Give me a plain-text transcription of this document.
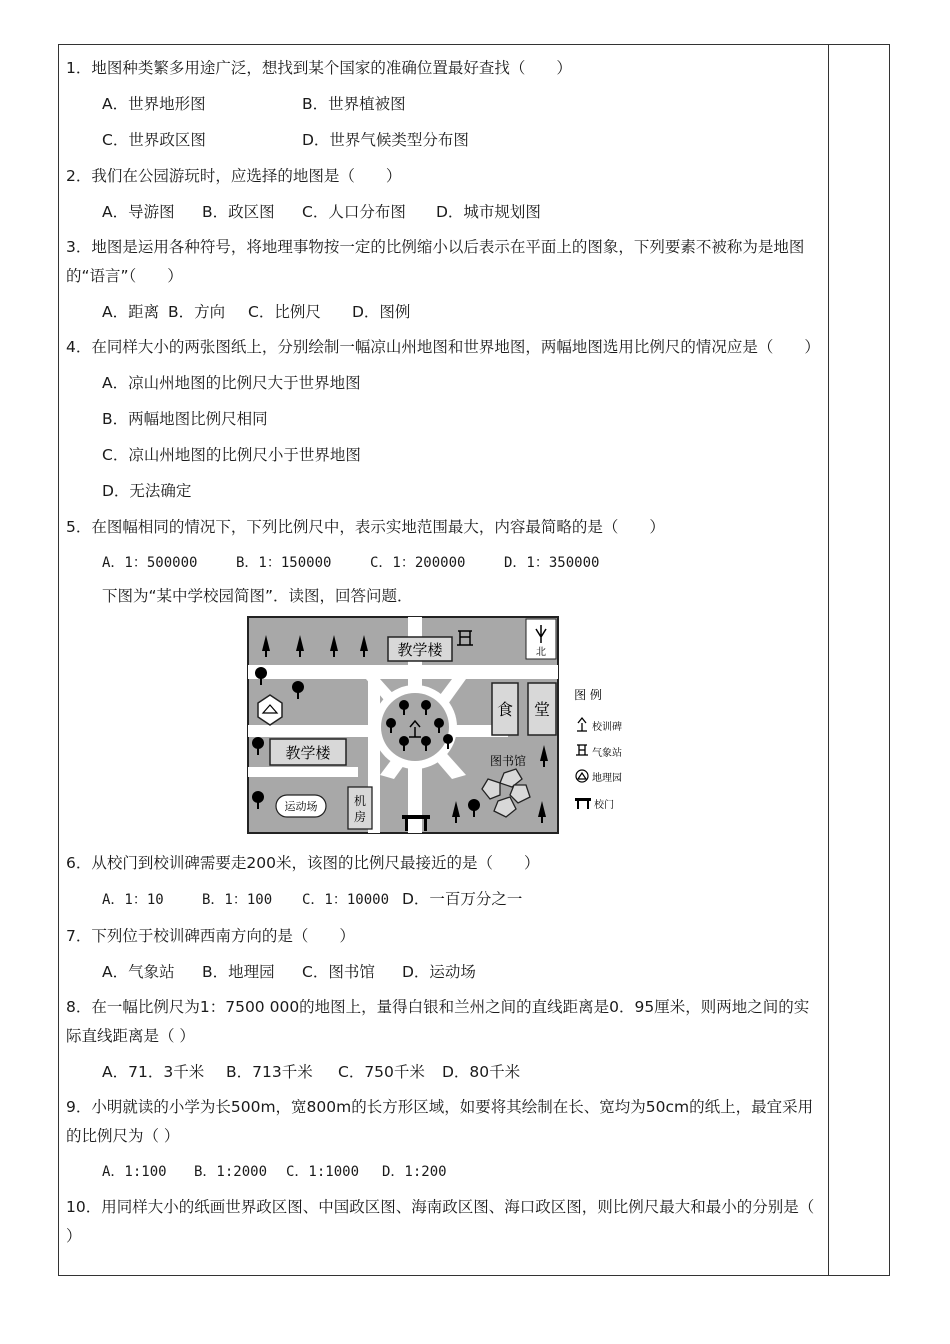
1．地图种类繁多用途广泛，想找到某个国家的准确位置最好查找（　　）
A．世界地形图	B．世界植被图
C．世界政区图	D．世界气候类型分布图
2．我们在公园游玩时，应选择的地图是（　　）
A．导游图 B．政区图 C．人口分布图 D．城市规划图
3．地图是运用各种符号，将地理事物按一定的比例缩小以后表示在平面上的图象，下列要素不被称为是地图的“语言”（　　）
A．距离 B．方向 C．比例尺 D．图例
4．在同样大小的两张图纸上，分别绘制一幅凉山州地图和世界地图，两幅地图选用比例尺的情况应是（　　）
A．凉山州地图的比例尺大于世界地图
B．两幅地图比例尺相同
C．凉山州地图的比例尺小于世界地图
D．无法确定
5．在图幅相同的情况下，下列比例尺中，表示实地范围最大，内容最简略的是（　　）
A．1：500000	B．1：150000	C．1：200000	D．1：350000
下图为“某中学校园简图”．读图，回答问题．
教学楼	北
食 堂
教学楼	图书馆
运动场	机
房
图 例
校训碑
气象站
地理园
校门
6．从校门到校训碑需要走200米，该图的比例尺最接近的是（　　）
A．1：10	B．1：100 C．1：10000 D．一百万分之一
7．下列位于校训碑西南方向的是（　　）
A．气象站 B．地理园 C．图书馆 D．运动场
8．在一幅比例尺为1：7500 000的地图上，量得白银和兰州之间的直线距离是0．95厘米，则两地之间的实际直线距离是（ ）
A．71．3千米 B．713千米 C．750千米 D．80千米
9．小明就读的小学为长500m，宽800m的长方形区域，如要将其绘制在长、宽均为50cm的纸上，最宜采用的比例尺为（ ）
A．1:100 B．1:2000 C．1:1000 D．1:200
10．用同样大小的纸画世界政区图、中国政区图、海南政区图、海口政区图，则比例尺最大和最小的分别是（ ）
